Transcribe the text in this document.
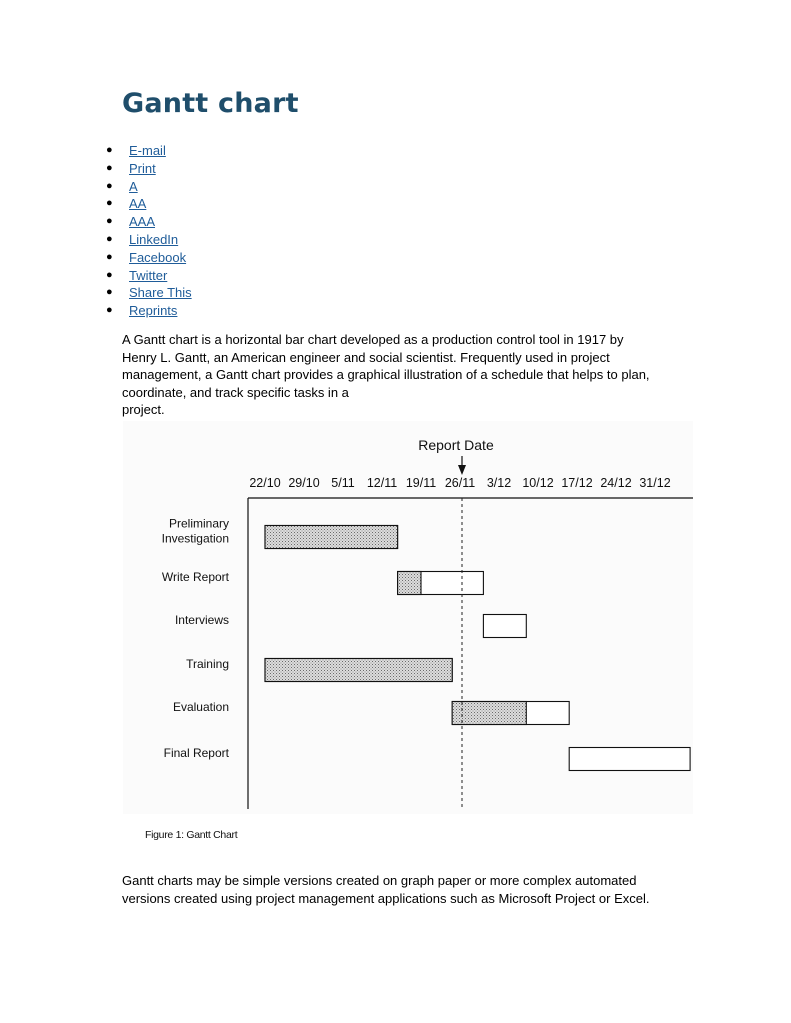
Gantt chart
● E-mail
● Print
● A
● AA
● AAA
● LinkedIn
● Facebook
● Twitter
● Share This
● Reprints

A Gantt chart is a horizontal bar chart developed as a production control tool in 1917 by
Henry L. Gantt, an American engineer and social scientist. Frequently used in project
management, a Gantt chart provides a graphical illustration of a schedule that helps to plan,
coordinate, and track specific tasks in a
project.

22/10 29/10 5/11 12/11 19/11 26/11 3/12 10/12 17/12 24/12 31/12
Preliminary
Investigation
Write Report
Interviews
Training
Evaluation
Final Report
Report Date
Figure 1: Gantt Chart

Gantt charts may be simple versions created on graph paper or more complex automated
versions created using project management applications such as Microsoft Project or Excel.
